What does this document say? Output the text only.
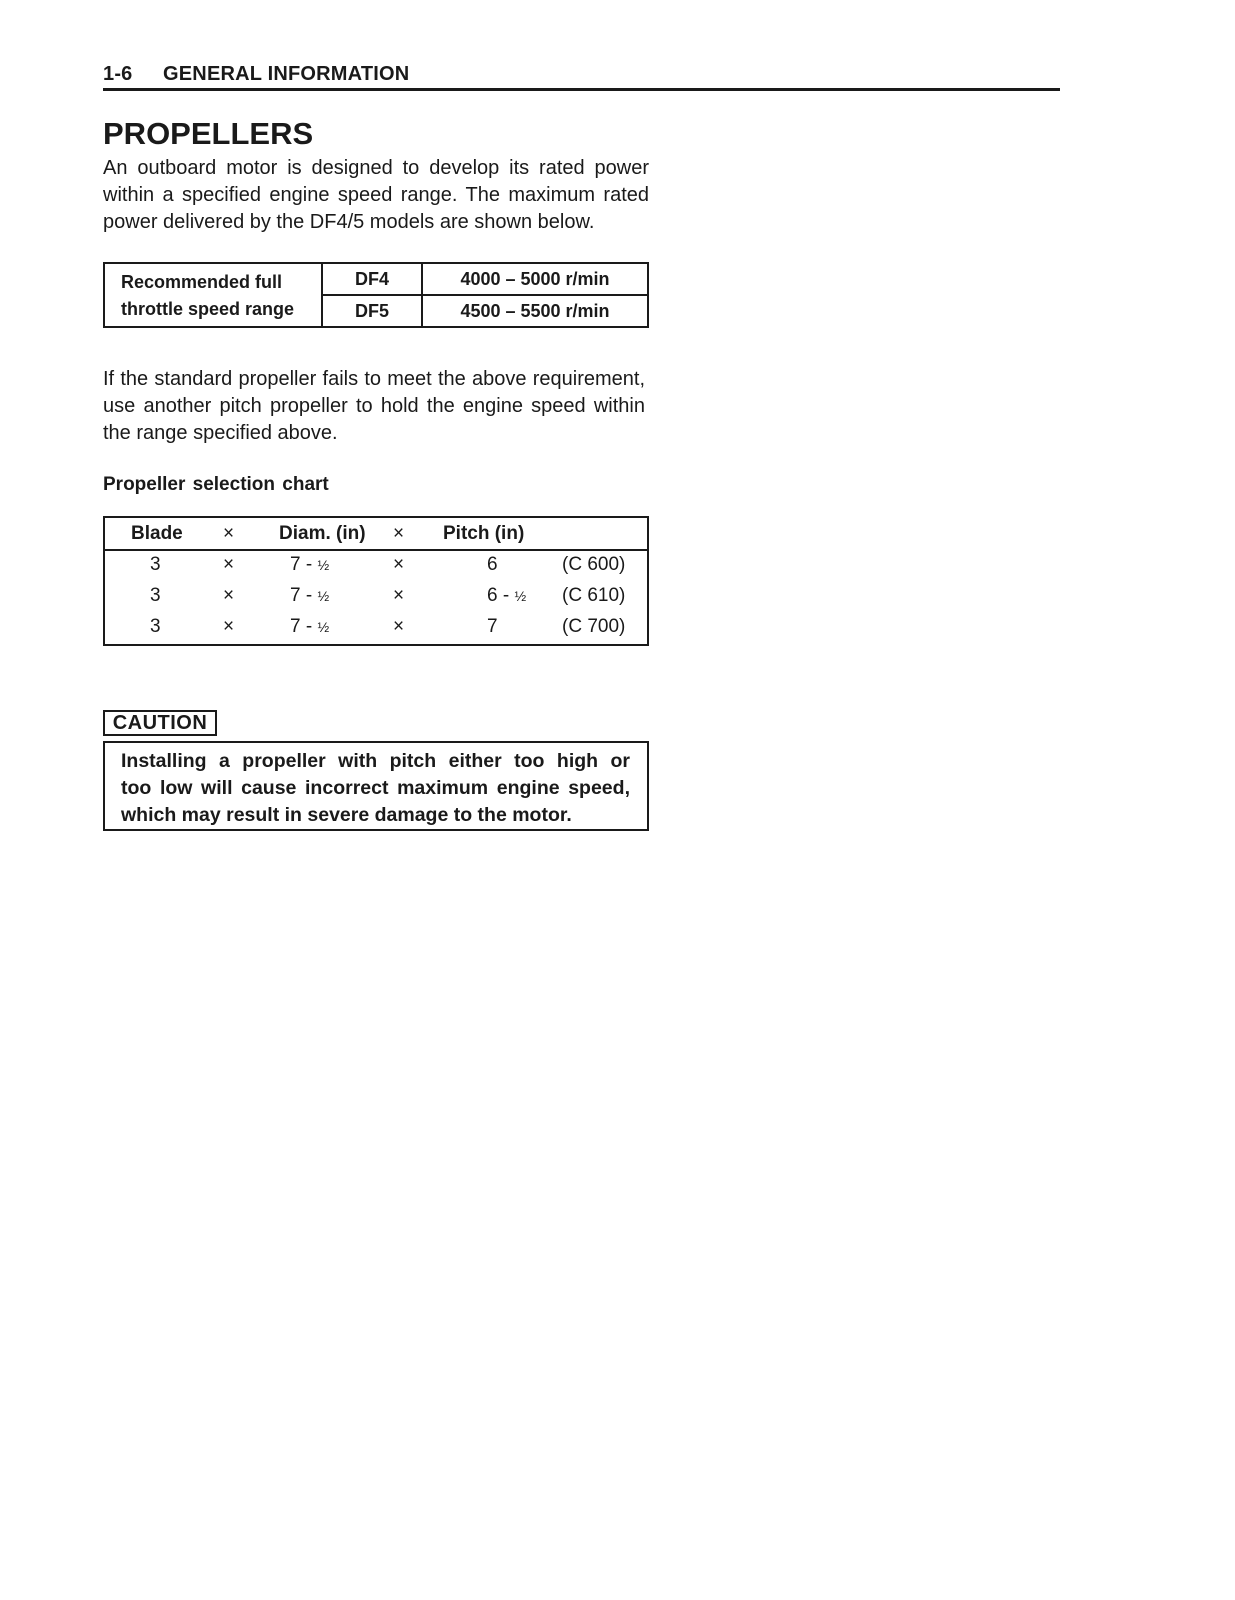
1-6 GENERAL INFORMATION
PROPELLERS

An outboard motor is designed to develop its rated power
within a specified engine speed range. The maximum rated
power delivered by the DF4/5 models are shown below.

Recommended full
throttle speed range
DF4	4000 – 5000 r/min
DF5	4500 – 5500 r/min

If the standard propeller fails to meet the above requirement,
use another pitch propeller to hold the engine speed within
the range specified above.

Propeller selection chart
Blade × Diam. (in) × Pitch (in)
3	×	7 - ½	×	6	(C 600)
3	×	7 - ½	×	6 - ½ (C 610)
3	×	7 - ½	×	7	(C 700)
CAUTION
Installing a propeller with pitch either too high or
too low will cause incorrect maximum engine speed,
which may result in severe damage to the motor.
